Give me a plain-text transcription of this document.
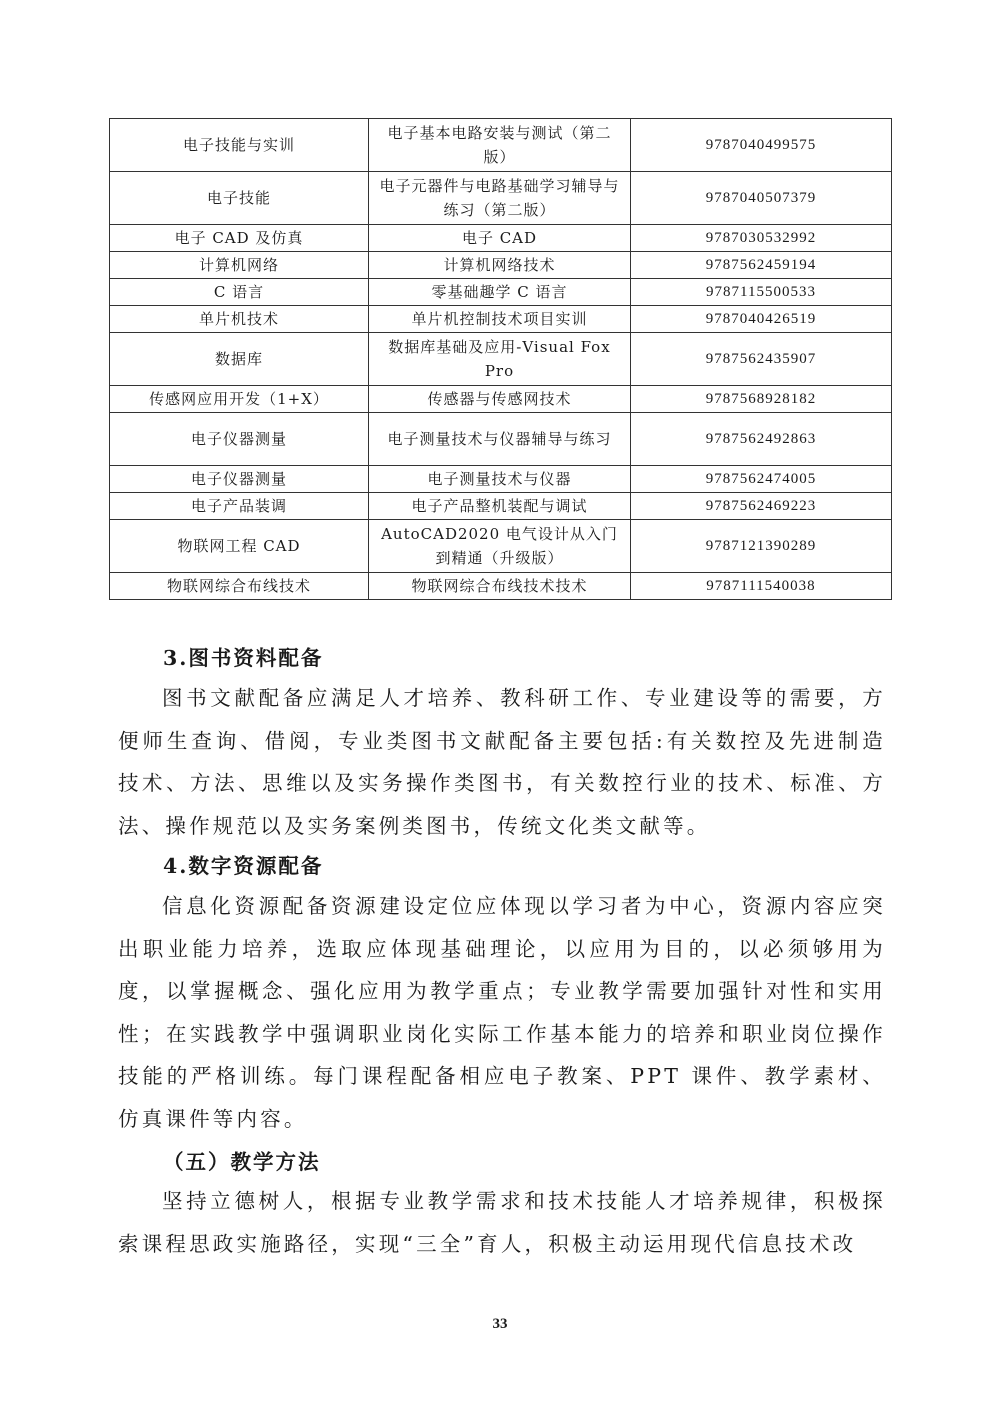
电子技能与实训	电子基本电路安装与测试（第二版）	9787040499575
电子技能	电子元器件与电路基础学习辅导与练习（第二版）	9787040507379
电子 CAD 及仿真	电子 CAD	9787030532992
计算机网络	计算机网络技术	9787562459194
C 语言	零基础趣学 C 语言	9787115500533
单片机技术	单片机控制技术项目实训	9787040426519
数据库	数据库基础及应用-Visual Fox Pro	9787562435907
传感网应用开发（1+X）	传感器与传感网技术	9787568928182
电子仪器测量	电子测量技术与仪器辅导与练习	9787562492863
电子仪器测量	电子测量技术与仪器	9787562474005
电子产品装调	电子产品整机装配与调试	9787562469223
物联网工程 CAD	AutoCAD2020 电气设计从入门到精通（升级版）	9787121390289
物联网综合布线技术	物联网综合布线技术技术	9787111540038
3.图书资料配备
图书文献配备应满足人才培养、教科研工作、专业建设等的需要，方便师生查询、借阅，专业类图书文献配备主要包括:有关数控及先进制造技术、方法、思维以及实务操作类图书，有关数控行业的技术、标准、方法、操作规范以及实务案例类图书，传统文化类文献等。
4.数字资源配备
信息化资源配备资源建设定位应体现以学习者为中心，资源内容应突出职业能力培养，选取应体现基础理论，以应用为目的，以必须够用为度，以掌握概念、强化应用为教学重点；专业教学需要加强针对性和实用性；在实践教学中强调职业岗化实际工作基本能力的培养和职业岗位操作技能的严格训练。每门课程配备相应电子教案、PPT 课件、教学素材、仿真课件等内容。
（五）教学方法
坚持立德树人，根据专业教学需求和技术技能人才培养规律，积极探索课程思政实施路径，实现“三全”育人，积极主动运用现代信息技术改
33
